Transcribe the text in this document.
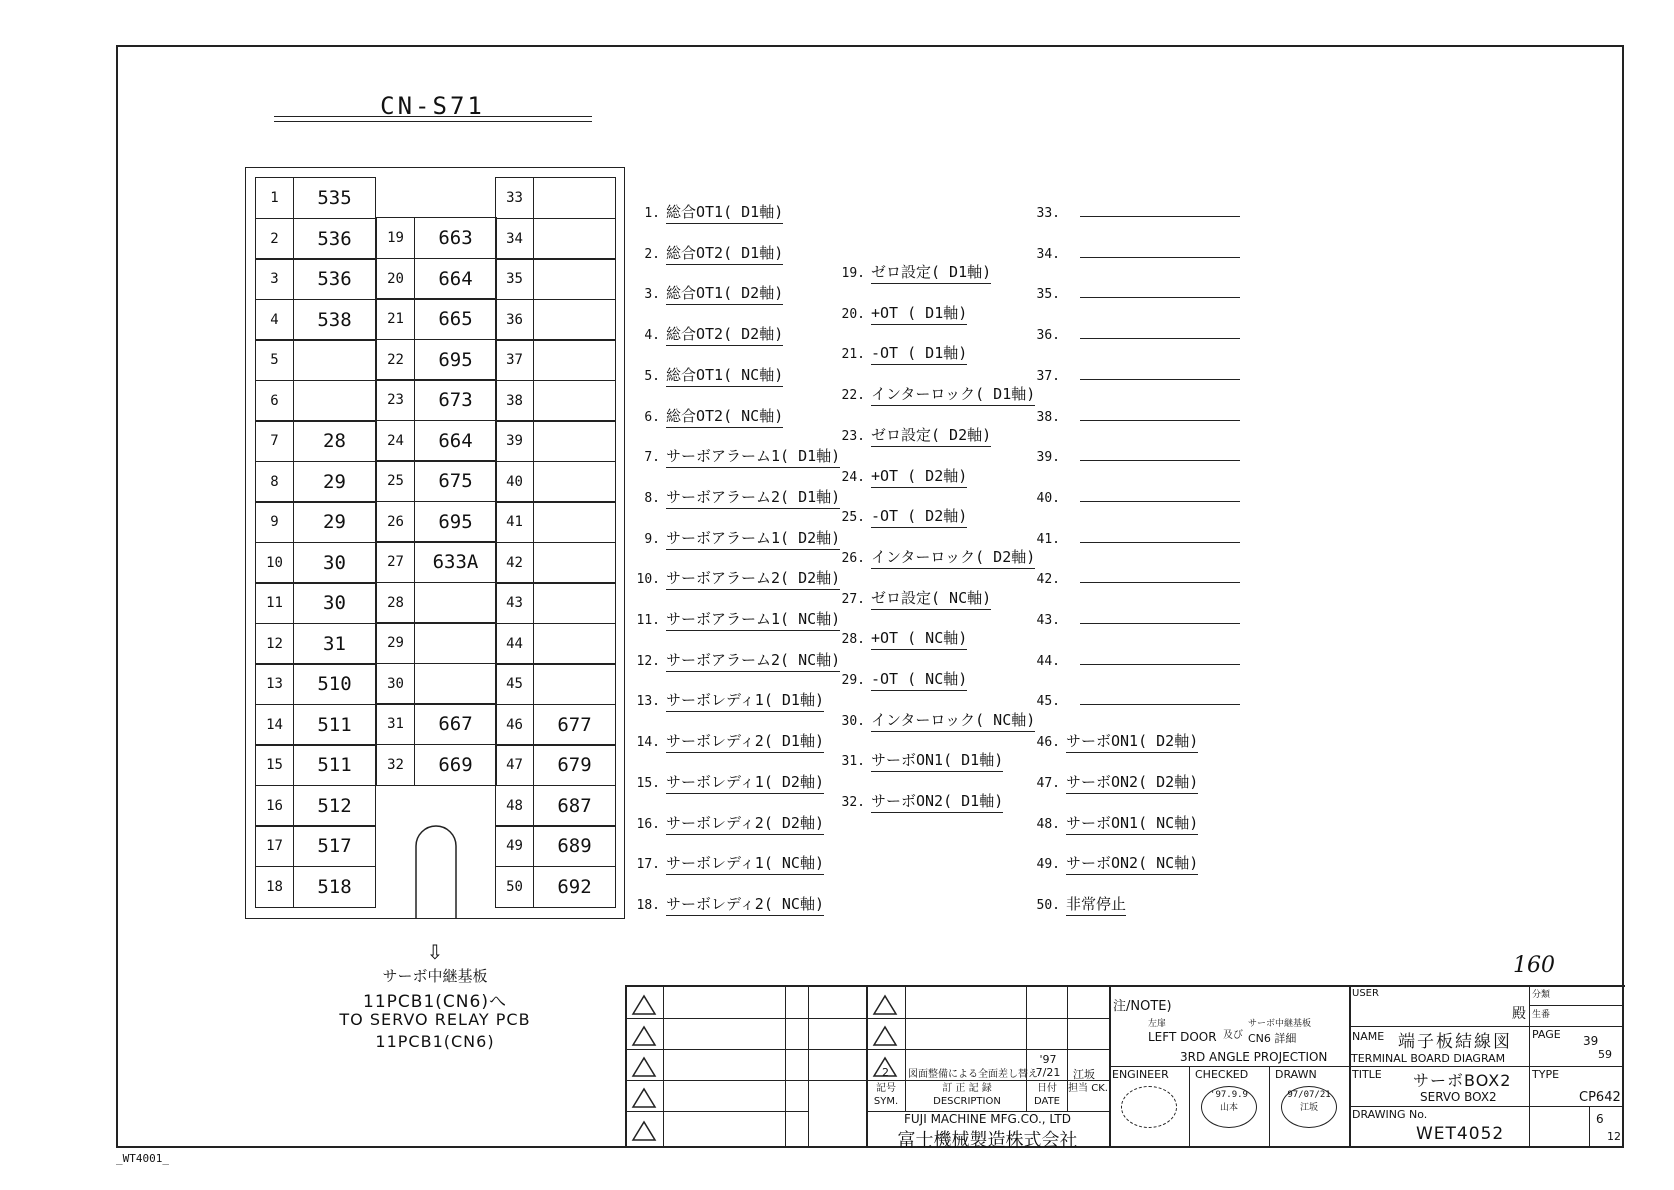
CN-S71
1	535
2	536
3	536
4	538
5
6
7	28
8	29
9	29
10	30
11	30
12	31
13	510
14	511
15	511
16	512
17	517
18	518
19	663
20	664
21	665
22	695
23	673
24	664
25	675
26	695
27	633A
28
29
30
31	667
32	669
33
34
35
36
37
38
39
40
41
42
43
44
45
46	677
47	679
48	687
49	689
50	692
1. 総合OT1( D1軸)
2. 総合OT2( D1軸)
3. 総合OT1( D2軸)
4. 総合OT2( D2軸)
5. 総合OT1( NC軸)
6. 総合OT2( NC軸)
7. サーボアラーム1( D1軸)
8. サーボアラーム2( D1軸)
9. サーボアラーム1( D2軸)
10. サーボアラーム2( D2軸)
11. サーボアラーム1( NC軸)
12. サーボアラーム2( NC軸)
13. サーボレディ1( D1軸)
14. サーボレディ2( D1軸)
15. サーボレディ1( D2軸)
16. サーボレディ2( D2軸)
17. サーボレディ1( NC軸)
18. サーボレディ2( NC軸)
19. ゼロ設定( D1軸)
20. +OT ( D1軸)
21. -OT ( D1軸)
22. インターロック( D1軸)
23. ゼロ設定( D2軸)
24. +OT ( D2軸)
25. -OT ( D2軸)
26. インターロック( D2軸)
27. ゼロ設定( NC軸)
28. +OT ( NC軸)
29. -OT ( NC軸)
30. インターロック( NC軸)
31. サーボON1( D1軸)
32. サーボON2( D1軸)
33.
34.
35.
36.
37.
38.
39.
40.
41.
42.
43.
44.
45.
46. サーボON1( D2軸)
47. サーボON2( D2軸)
48. サーボON1( NC軸)
49. サーボON2( NC軸)
50. 非常停止
⇩
サーボ中継基板
11PCB1(CN6)へ
TO SERVO RELAY PCB
11PCB1(CN6)
160
_WT4001_
2 図面整備による全面差し替え
'97 7/21	江坂
記号 SYM.
訂 正 記 録 DESCRIPTION
日付 DATE
担当 CK.
FUJI MACHINE MFG.CO., LTD
富士機械製造株式会社
注/NOTE)
左扉
LEFT DOOR 及び
サーボ中継基板
CN6 詳細
3RD ANGLE PROJECTION
ENGINEER CHECKED DRAWN
'97.9.9
山本
97/07/21
江坂
USER
殿
分類
生番
NAME 端子板結線図
TERMINAL BOARD DIAGRAM
PAGE 39
59
TITLE サーボBOX2
SERVO BOX2
TYPE
CP642
DRAWING No.
WET4052
6
12
